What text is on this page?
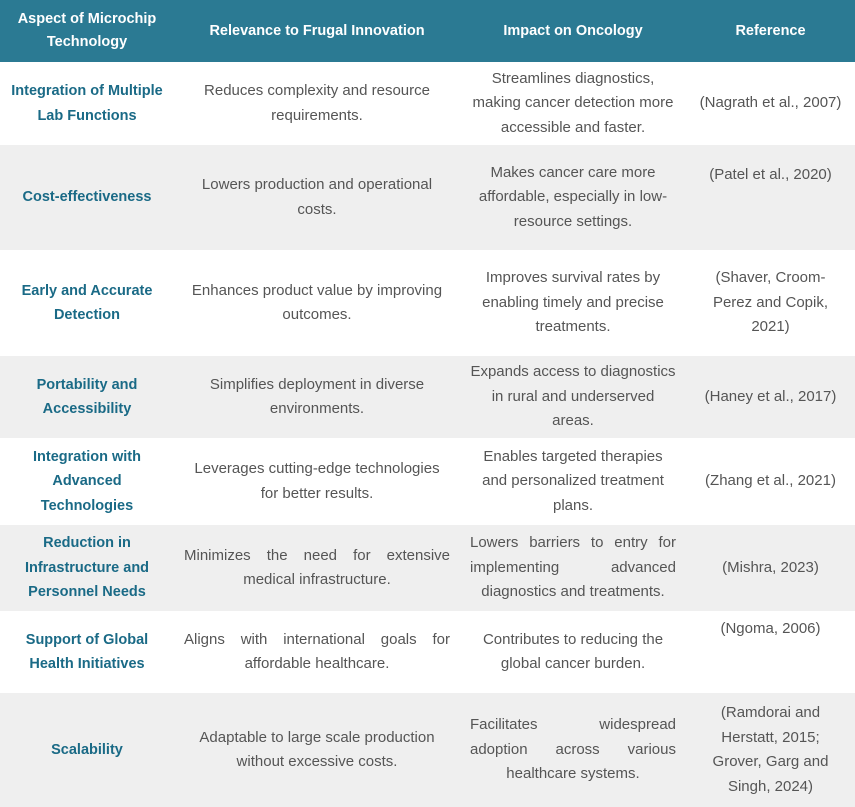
Aspect of Microchip Technology	Relevance to Frugal Innovation	Impact on Oncology	Reference
Integration of Multiple Lab Functions	Reduces complexity and resource requirements.	Streamlines diagnostics, making cancer detection more accessible and faster.	(Nagrath et al., 2007)
Cost-effectiveness	Lowers production and operational costs.	Makes cancer care more affordable, especially in low-resource settings.	(Patel et al., 2020)
Early and Accurate Detection	Enhances product value by improving outcomes.	Improves survival rates by enabling timely and precise treatments.	(Shaver, Croom-Perez and Copik, 2021)
Portability and Accessibility	Simplifies deployment in diverse environments.	Expands access to diagnostics in rural and underserved areas.	(Haney et al., 2017)
Integration with Advanced Technologies	Leverages cutting-edge technologies for better results.	Enables targeted therapies and personalized treatment plans.	(Zhang et al., 2021)
Reduction in Infrastructure and Personnel Needs	Minimizes the need for extensive medical infrastructure.	Lowers barriers to entry for implementing advanced diagnostics and treatments.	(Mishra, 2023)
Support of Global Health Initiatives	Aligns with international goals for affordable healthcare.	Contributes to reducing the global cancer burden.	(Ngoma, 2006)
Scalability	Adaptable to large scale production without excessive costs.	Facilitates widespread adoption across various healthcare systems.	(Ramdorai and Herstatt, 2015; Grover, Garg and Singh, 2024)
